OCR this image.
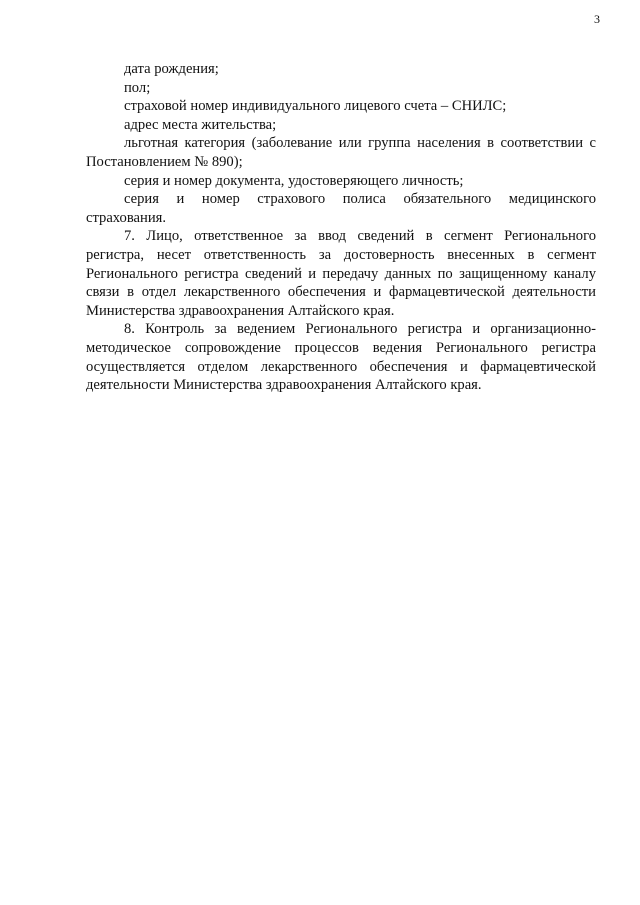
3

дата рождения;

пол;

страховой номер индивидуального лицевого счета – СНИЛС;

адрес места жительства;

льготная категория (заболевание или группа населения в соответствии с Постановлением № 890);

серия и номер документа, удостоверяющего личность;

серия и номер страхового полиса обязательного медицинского страхования.

7. Лицо, ответственное за ввод сведений в сегмент Регионального регистра, несет ответственность за достоверность внесенных в сегмент Регионального регистра сведений и передачу данных по защищенному каналу связи в отдел лекарственного обеспечения и фармацевтической деятельности Министерства здравоохранения Алтайского края.

8. Контроль за ведением Регионального регистра и организационно-методическое сопровождение процессов ведения Регионального регистра осуществляется отделом лекарственного обеспечения и фармацевтической деятельности Министерства здравоохранения Алтайского края.
